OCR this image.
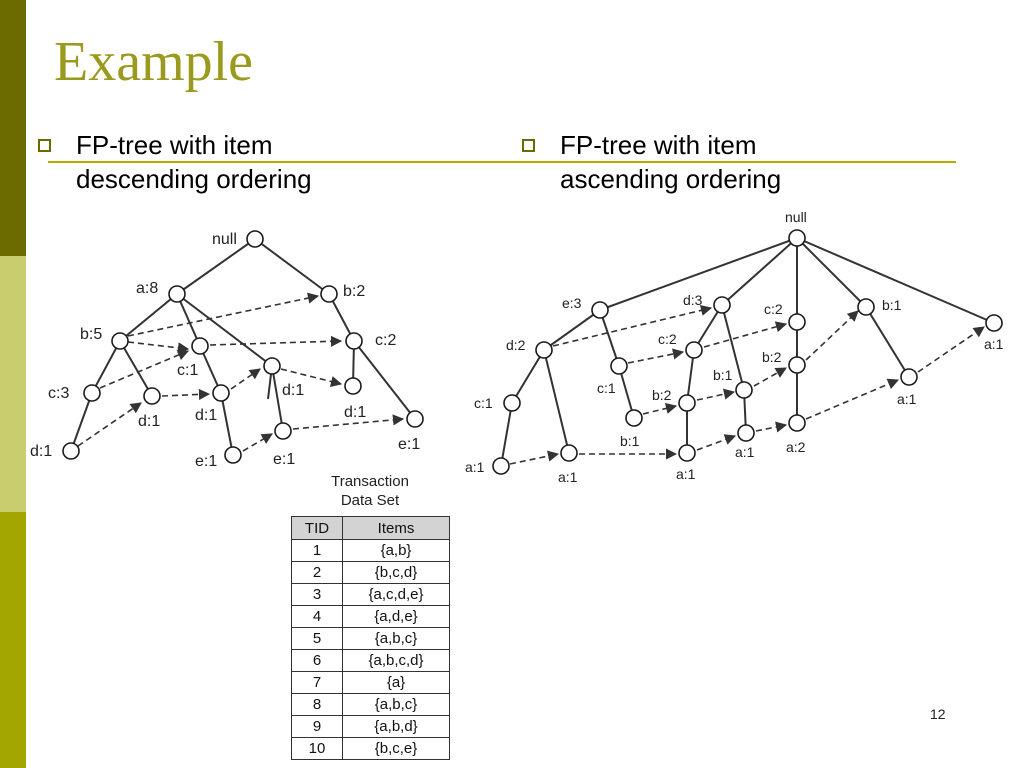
Example
FP-tree with item
descending ordering
FP-tree with item
ascending ordering
null
a:8	b:2
b:5
c:1
c:2
c:3
d:1 d:1
d:1
d:1
d:1
e:1	e:1
e:1
null
e:3	d:3
c:2	b:1
a:1
d:2	c:2
c:1
c:1
b:1
b:2
b:2
a:1
b:1
a:1
a:1	a:1
a:1 a:2
Transaction
Data Set
TID	Items
1	{a,b}
2	{b,c,d}
3	{a,c,d,e}
4	{a,d,e}
5	{a,b,c}
6	{a,b,c,d}
7	{a}
8	{a,b,c}
9	{a,b,d}
10	{b,c,e}
12
